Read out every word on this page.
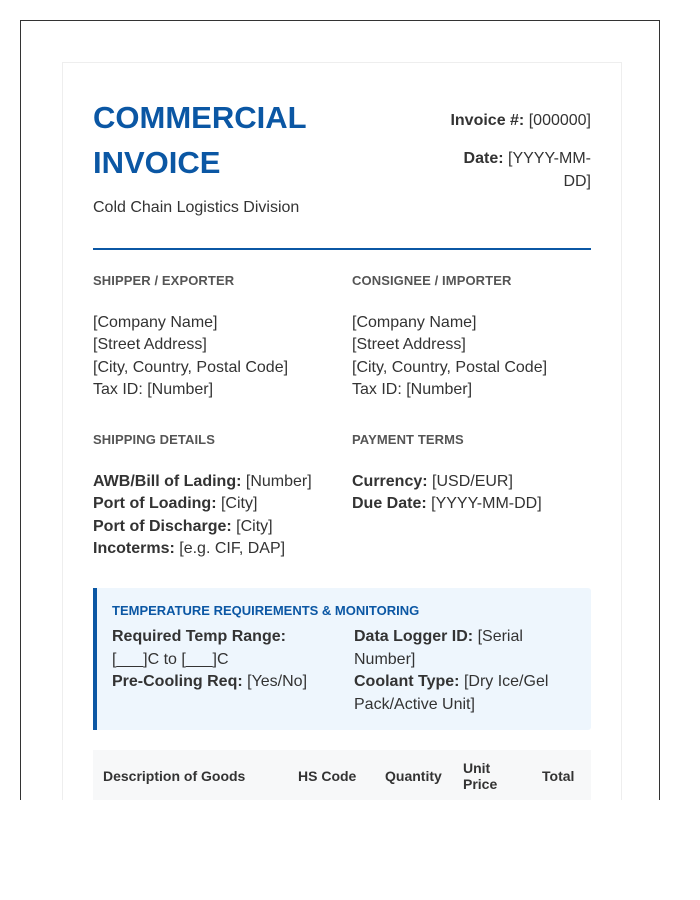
COMMERCIAL INVOICE
Cold Chain Logistics Division
Invoice #: [000000]
Date: [YYYY-MM-DD]
SHIPPER / EXPORTER
[Company Name]
[Street Address]
[City, Country, Postal Code]
Tax ID: [Number]
CONSIGNEE / IMPORTER
[Company Name]
[Street Address]
[City, Country, Postal Code]
Tax ID: [Number]
SHIPPING DETAILS
AWB/Bill of Lading: [Number]
Port of Loading: [City]
Port of Discharge: [City]
Incoterms: [e.g. CIF, DAP]
PAYMENT TERMS
Currency: [USD/EUR]
Due Date: [YYYY-MM-DD]
TEMPERATURE REQUIREMENTS & MONITORING
Required Temp Range: [___]C to [___]C
Pre-Cooling Req: [Yes/No]
Data Logger ID: [Serial Number]
Coolant Type: [Dry Ice/Gel Pack/Active Unit]
Description of Goods	HS Code	Quantity	Unit Price	Total
